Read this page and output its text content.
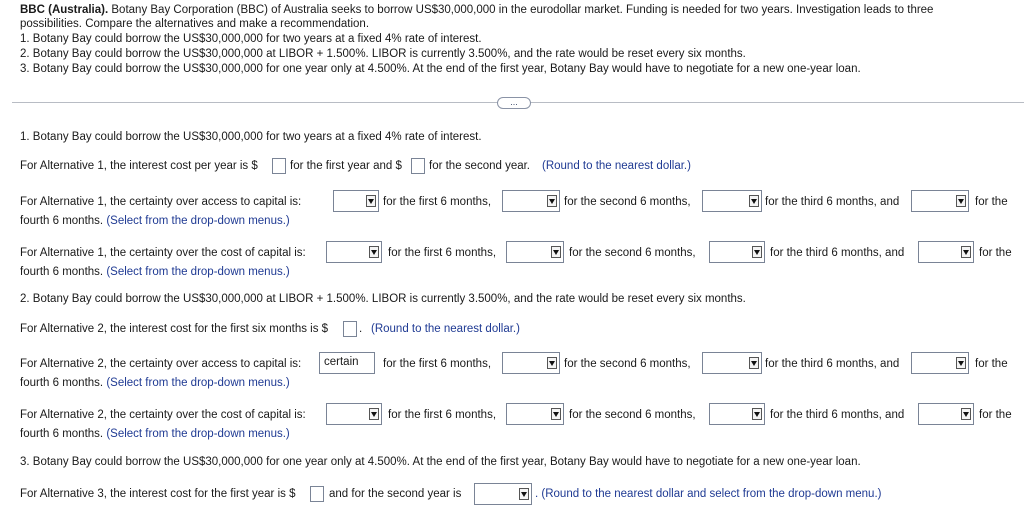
BBC (Australia). Botany Bay Corporation (BBC) of Australia seeks to borrow US$30,000,000 in the eurodollar market. Funding is needed for two years. Investigation leads to three
possibilities. Compare the alternatives and make a recommendation.
1. Botany Bay could borrow the US$30,000,000 for two years at a fixed 4% rate of interest.
2. Botany Bay could borrow the US$30,000,000 at LIBOR + 1.500%. LIBOR is currently 3.500%, and the rate would be reset every six months.
3. Botany Bay could borrow the US$30,000,000 for one year only at 4.500%. At the end of the first year, Botany Bay would have to negotiate for a new one-year loan.
...
1. Botany Bay could borrow the US$30,000,000 for two years at a fixed 4% rate of interest.
For Alternative 1, the interest cost per year is $	for the first year and $ for the second year. (Round to the nearest dollar.)
For Alternative 1, the certainty over access to capital is:	for the first 6 months,	for the second 6 months,	for the third 6 months, and	for the
fourth 6 months. (Select from the drop-down menus.)
For Alternative 1, the certainty over the cost of capital is:	for the first 6 months,	for the second 6 months,	for the third 6 months, and	for the
fourth 6 months. (Select from the drop-down menus.)
2. Botany Bay could borrow the US$30,000,000 at LIBOR + 1.500%. LIBOR is currently 3.500%, and the rate would be reset every six months.
For Alternative 2, the interest cost for the first six months is $	. (Round to the nearest dollar.)
For Alternative 2, the certainty over access to capital is: certain for the first 6 months,	for the second 6 months,	for the third 6 months, and	for the
fourth 6 months. (Select from the drop-down menus.)
For Alternative 2, the certainty over the cost of capital is:	for the first 6 months,	for the second 6 months,	for the third 6 months, and	for the
fourth 6 months. (Select from the drop-down menus.)
3. Botany Bay could borrow the US$30,000,000 for one year only at 4.500%. At the end of the first year, Botany Bay would have to negotiate for a new one-year loan.
For Alternative 3, the interest cost for the first year is $	and for the second year is	. (Round to the nearest dollar and select from the drop-down menu.)
